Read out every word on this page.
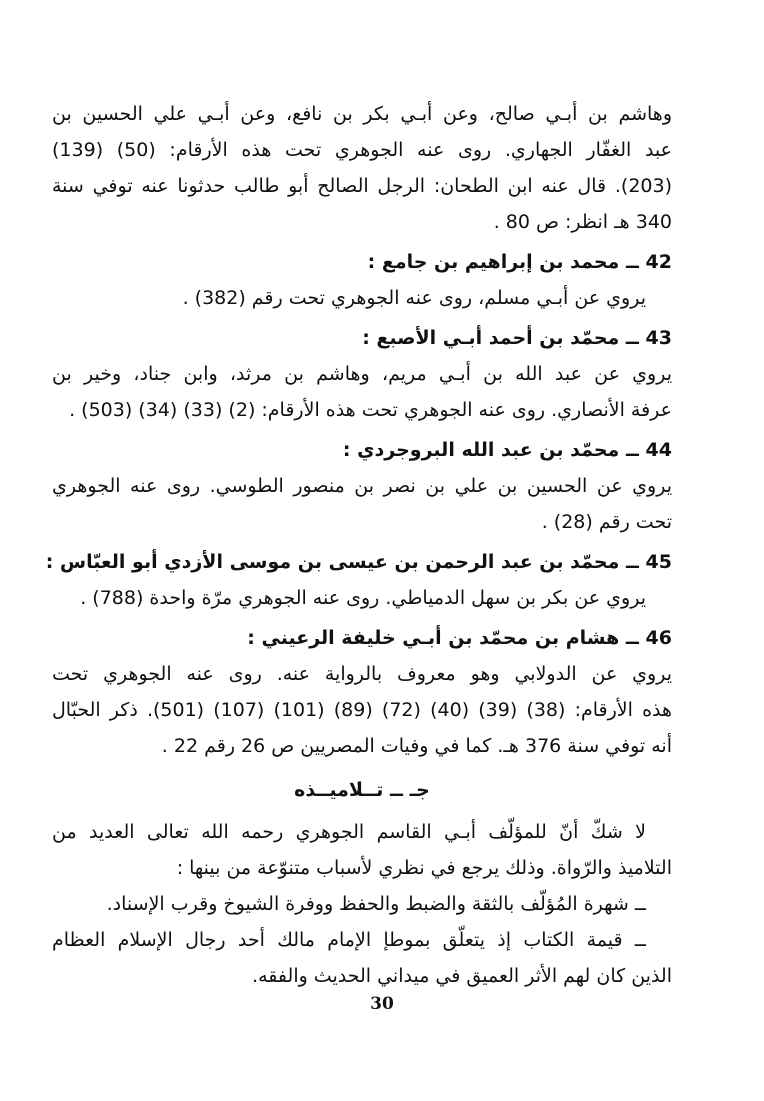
وهاشم بن أبـي صالح، وعن أبـي بكر بن نافع، وعن أبـي علي الحسين بن
عبد الغفّار الجهاري. روى عنه الجوهري تحت هذه الأرقام: (50) (139)
(203). قال عنه ابن الطحان: الرجل الصالح أبو طالب حدثونا عنه توفي سنة
340 هـ انظر: ص 80 .
42 ــ محمد بن إبراهيم بن جامع :
يروي عن أبـي مسلم، روى عنه الجوهري تحت رقم (382) .
43 ــ محمّد بن أحمد أبـي الأصبع :
يروي عن عبد الله بن أبـي مريم، وهاشم بن مرثد، وابن جناد، وخير بن
عرفة الأنصاري. روى عنه الجوهري تحت هذه الأرقام: (2) (33) (34) (503) .
44 ــ محمّد بن عبد الله البروجردي :
يروي عن الحسين بن علي بن نصر بن منصور الطوسي. روى عنه الجوهري
تحت رقم (28) .
45 ــ محمّد بن عبد الرحمن بن عيسى بن موسى الأزدي أبو العبّاس :
يروي عن بكر بن سهل الدمياطي. روى عنه الجوهري مرّة واحدة (788) .
46 ــ هشام بن محمّد بن أبـي خليفة الرعيني :
يروي عن الدولابي وهو معروف بالرواية عنه. روى عنه الجوهري تحت
هذه الأرقام: (38) (39) (40) (72) (89) (101) (107) (501). ذكر الحبّال
أنه توفي سنة 376 هـ. كما في وفيات المصريين ص 26 رقم 22 .
جـ ــ تــلاميــذه
لا شكّ أنّ للمؤلّف أبـي القاسم الجوهري رحمه الله تعالى العديد من
التلاميذ والرّواة. وذلك يرجع في نظري لأسباب متنوّعة من بينها :
ــ شهرة المُؤلّف بالثقة والضبط والحفظ ووفرة الشيوخ وقرب الإسناد.
ــ قيمة الكتاب إذ يتعلّق بموطإ الإمام مالك أحد رجال الإسلام العظام
الذين كان لهم الأثر العميق في ميداني الحديث والفقه.
30
